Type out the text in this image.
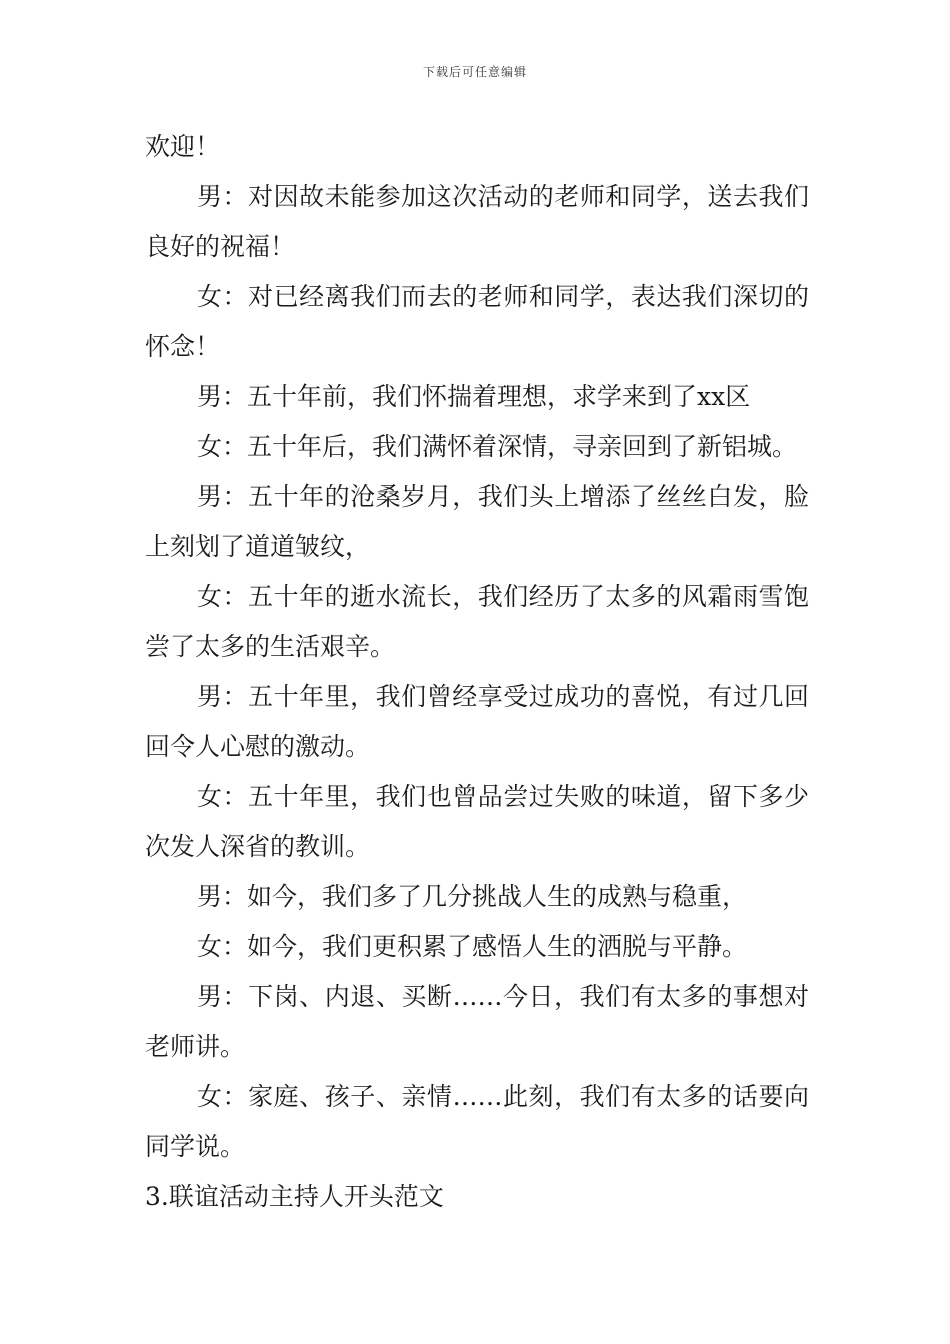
下载后可任意编辑

欢迎！

男：对因故未能参加这次活动的老师和同学，送去我们良好的祝福！

女：对已经离我们而去的老师和同学，表达我们深切的怀念！

男：五十年前，我们怀揣着理想，求学来到了xx区

女：五十年后，我们满怀着深情，寻亲回到了新铝城。

男：五十年的沧桑岁月，我们头上增添了丝丝白发，脸上刻划了道道皱纹，

女：五十年的逝水流长，我们经历了太多的风霜雨雪饱尝了太多的生活艰辛。

男：五十年里，我们曾经享受过成功的喜悦，有过几回回令人心慰的激动。

女：五十年里，我们也曾品尝过失败的味道，留下多少次发人深省的教训。

男：如今，我们多了几分挑战人生的成熟与稳重，

女：如今，我们更积累了感悟人生的洒脱与平静。

男：下岗、内退、买断……今日，我们有太多的事想对老师讲。

女：家庭、孩子、亲情……此刻，我们有太多的话要向同学说。

3.联谊活动主持人开头范文
